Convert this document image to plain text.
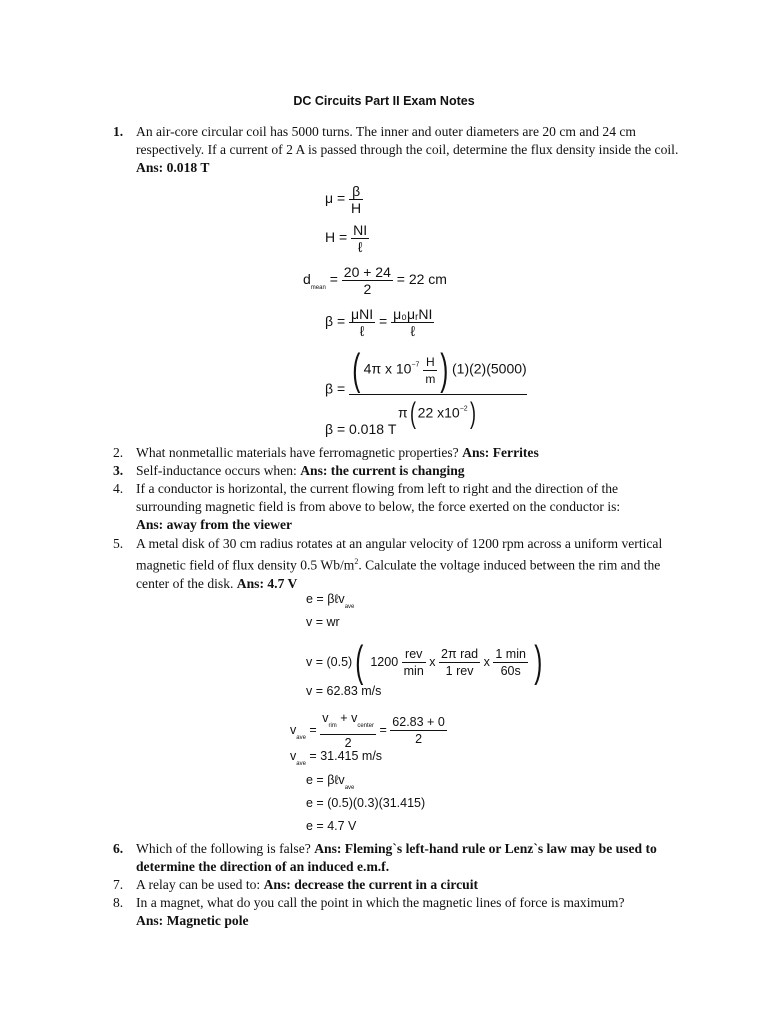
DC Circuits Part II Exam Notes
1. An air-core circular coil has 5000 turns. The inner and outer diameters are 20 cm and 24 cm respectively. If a current of 2 A is passed through the coil, determine the flux density inside the coil. Ans: 0.018 T
$\mu = \frac{\beta}{H}$
H = NI
ℓ
$d_{mean} = \frac{20 + 24}{2} = 22$ cm
β = μNI
ℓ
= μ₀μᵣNI
ℓ
$\beta = \frac{( 4\pi x 10^{-7} \frac{H}{m} ) (1)(2)(5000)}{\pi( 22 x10^{-2})}$
β = 0.018 T
2. What nonmetallic materials have ferromagnetic properties? Ans: Ferrites
3. Self-inductance occurs when: Ans: the current is changing
4. If a conductor is horizontal, the current flowing from left to right and the direction of the surrounding magnetic field is from above to below, the force exerted on the conductor is:
Ans: away from the viewer
5. A metal disk of 30 cm radius rotates at an angular velocity of 1200 rpm across a uniform vertical magnetic field of flux density 0.5 $Wb/m^2$. Calculate the voltage induced between the rim and the center of the disk. Ans: 4.7 V
e = βℓv$_{ave}$
v = wr
v = (0.5)( 1200
rev
min
x
2π rad
1 rev
x
1 min
60s )
v = 62.83 m/s
$v_{ave}$ =
$v_{rim} + v_{center}$
2
= $\frac{62.83 + 0}{2}$
$v_{ave} = 31.415$ m/s
e = βℓv$_{ave}$
e = (0.5)(0.3)(31.415)
e = 4.7 V
6. Which of the following is false? Ans: Fleming`s left-hand rule or Lenz`s law may be used to determine the direction of an induced e.m.f.
7. A relay can be used to: Ans: decrease the current in a circuit
8. In a magnet, what do you call the point in which the magnetic lines of force is maximum?
Ans: Magnetic pole
